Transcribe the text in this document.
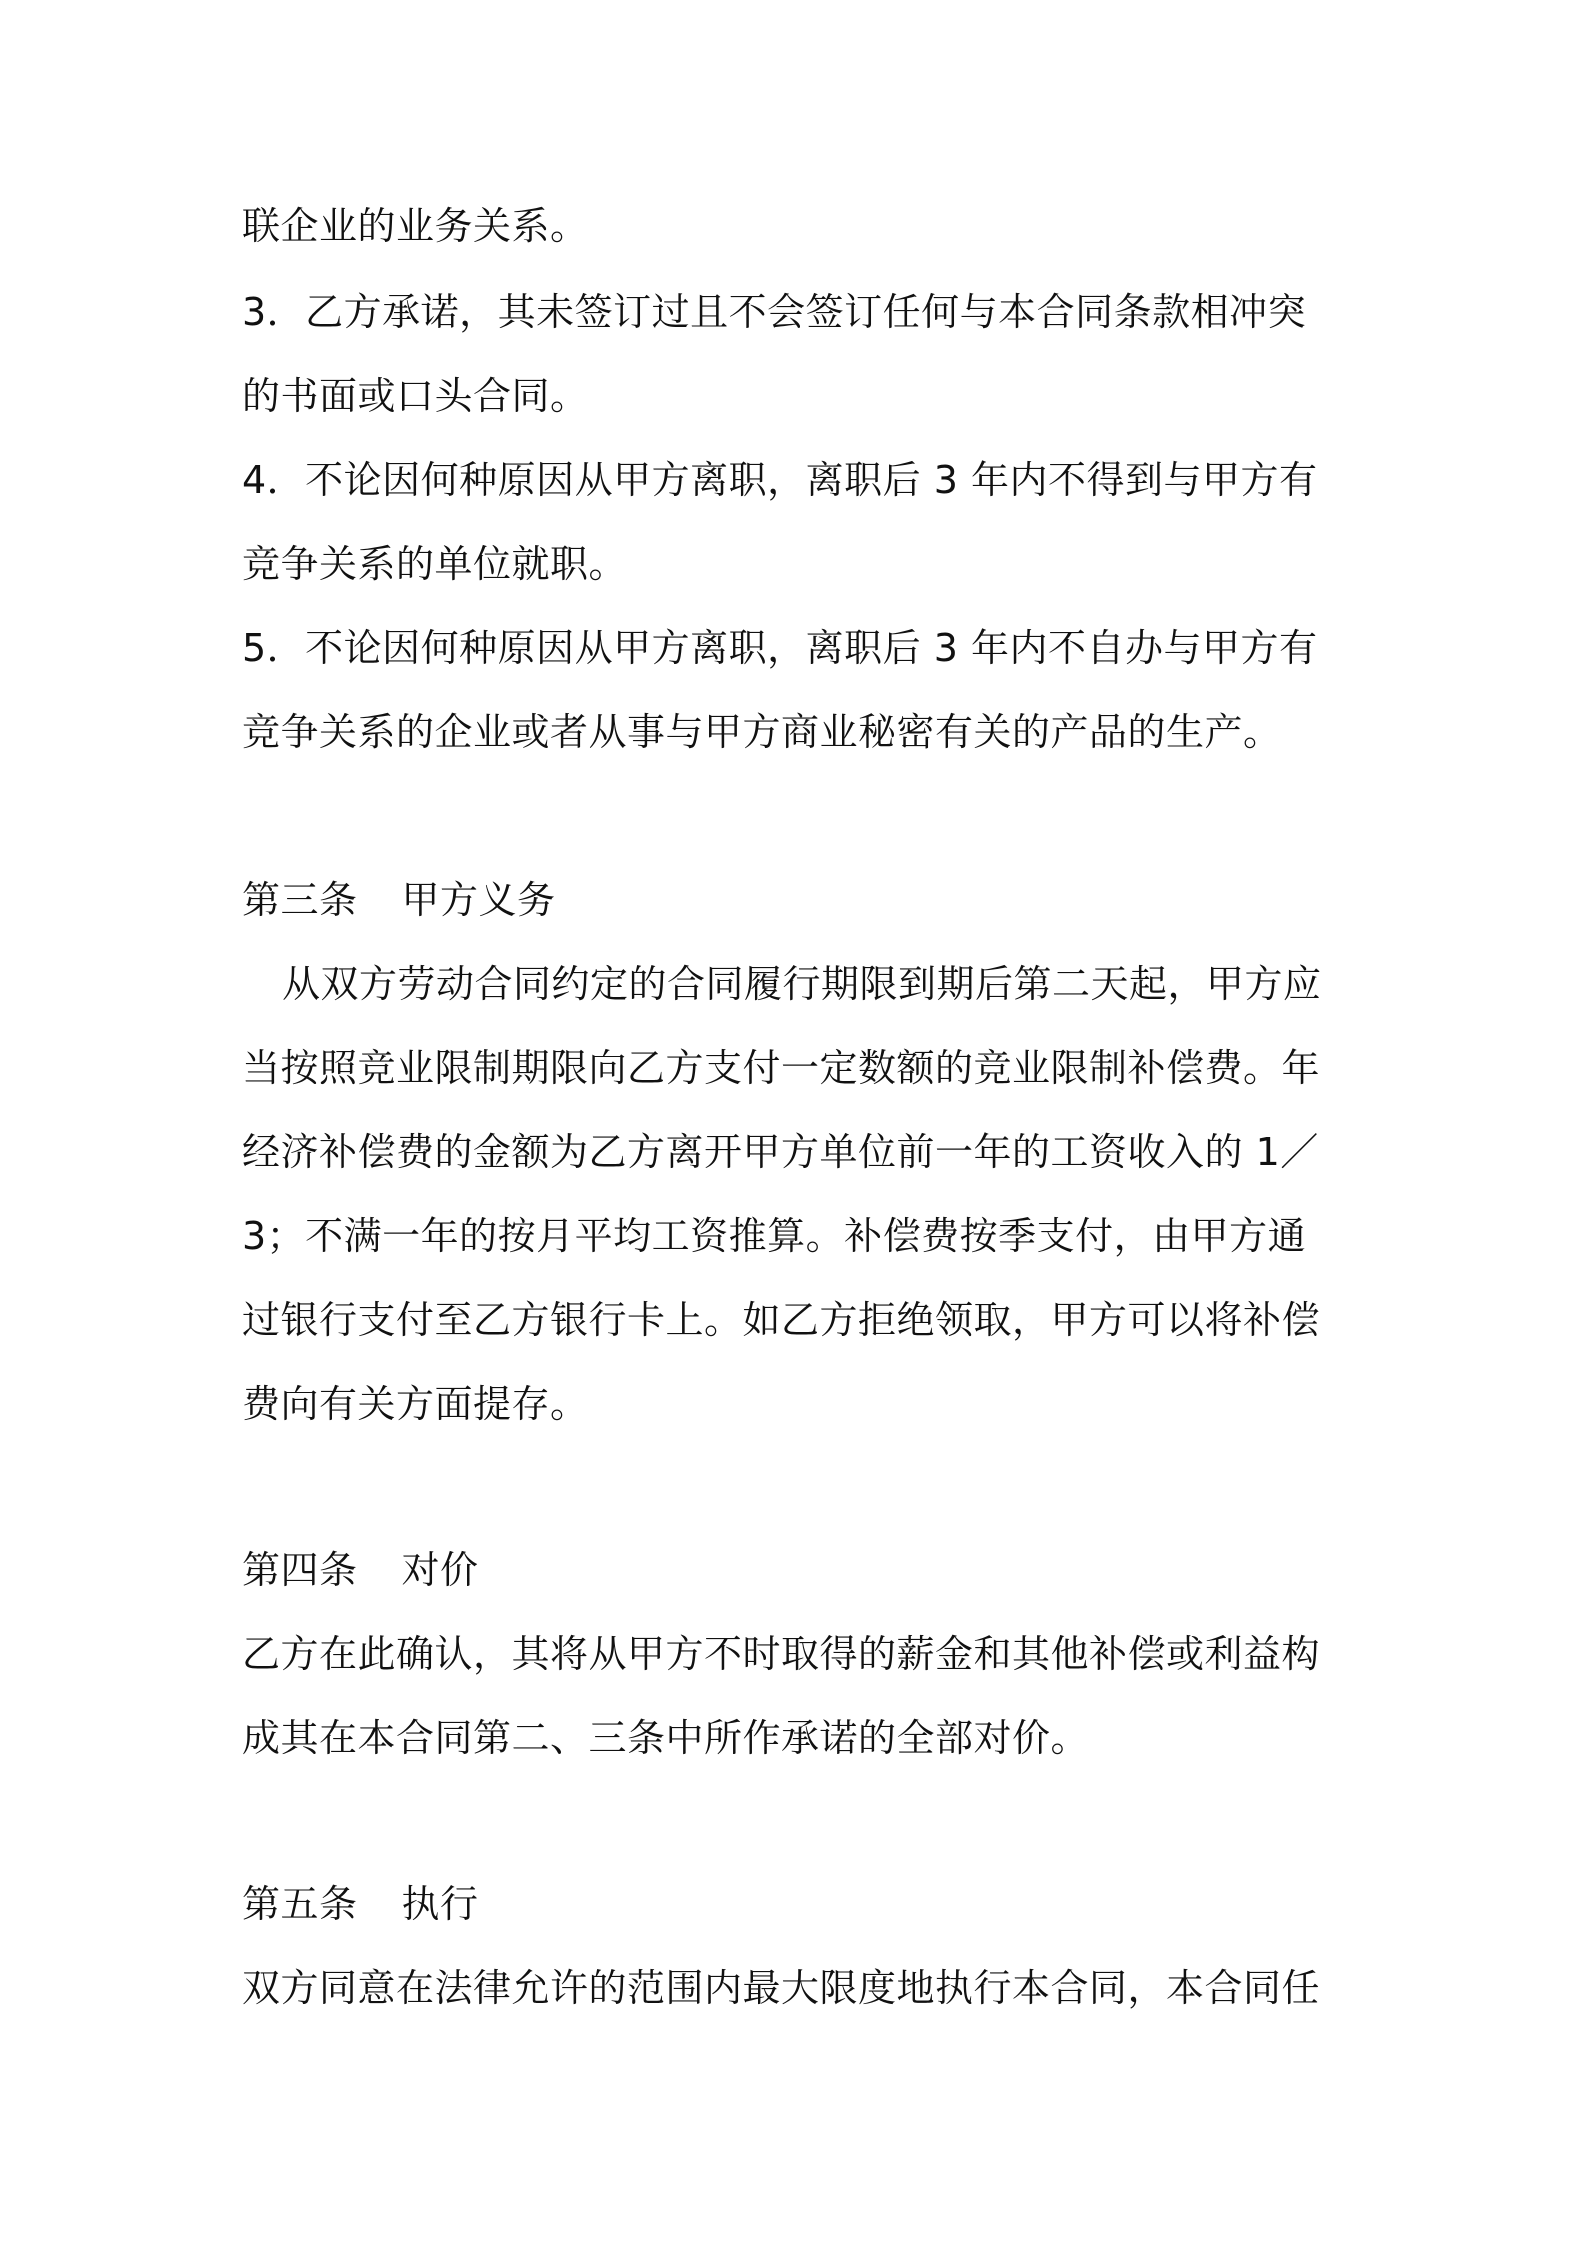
联企业的业务关系。
3．乙方承诺，其未签订过且不会签订任何与本合同条款相冲突
的书面或口头合同。
4．不论因何种原因从甲方离职，离职后 3 年内不得到与甲方有
竞争关系的单位就职。
5．不论因何种原因从甲方离职，离职后 3 年内不自办与甲方有
竞争关系的企业或者从事与甲方商业秘密有关的产品的生产。
第三条 甲方义务
从双方劳动合同约定的合同履行期限到期后第二天起，甲方应
当按照竞业限制期限向乙方支付一定数额的竞业限制补偿费。年
经济补偿费的金额为乙方离开甲方单位前一年的工资收入的 1／
3；不满一年的按月平均工资推算。补偿费按季支付，由甲方通
过银行支付至乙方银行卡上。如乙方拒绝领取，甲方可以将补偿
费向有关方面提存。
第四条 对价
乙方在此确认，其将从甲方不时取得的薪金和其他补偿或利益构
成其在本合同第二、三条中所作承诺的全部对价。
第五条 执行
双方同意在法律允许的范围内最大限度地执行本合同，本合同任
